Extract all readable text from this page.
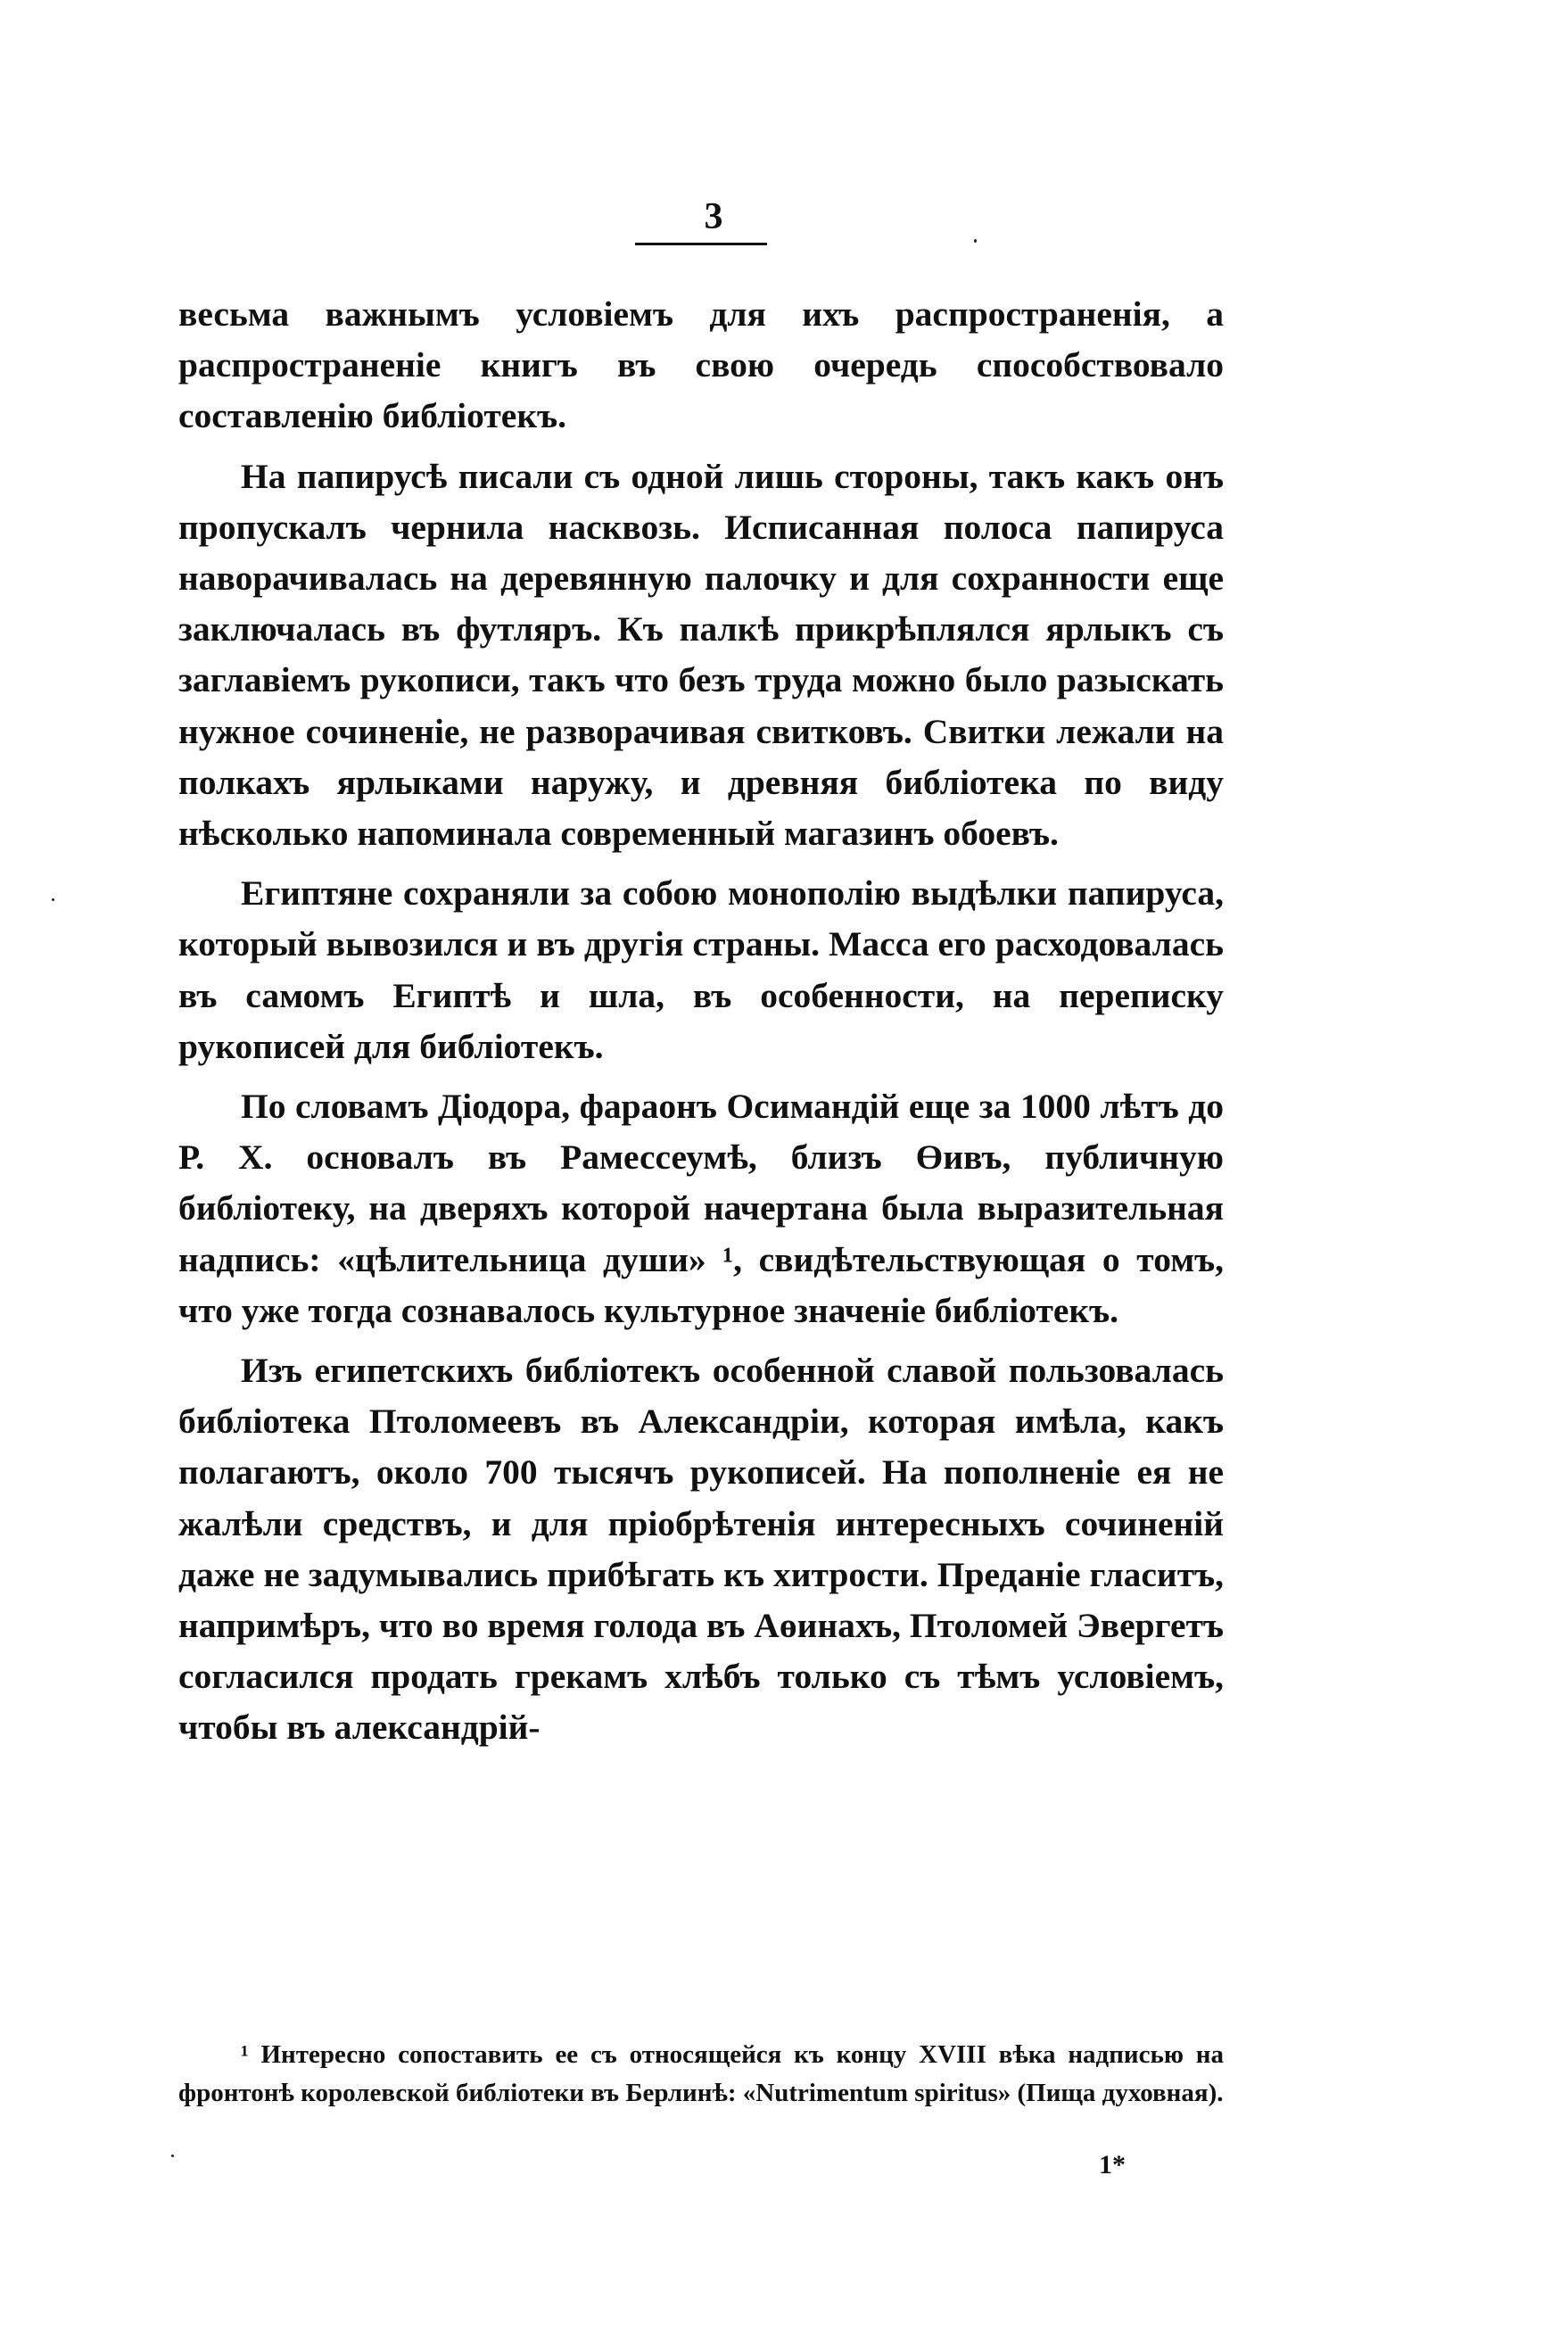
3

весьма важнымъ условіемъ для ихъ распространенія, а распространеніе книгъ въ свою очередь способствовало составленію библіотекъ.

На папирусѣ писали съ одной лишь стороны, такъ какъ онъ пропускалъ чернила насквозь. Исписанная полоса папируса наворачивалась на деревянную палочку и для сохранности еще заключалась въ футляръ. Къ палкѣ прикрѣплялся ярлыкъ съ заглавіемъ рукописи, такъ что безъ труда можно было разыскать нужное сочиненіе, не разворачивая свитковъ. Свитки лежали на полкахъ ярлыками наружу, и древняя библіотека по виду нѣсколько напоминала современный магазинъ обоевъ.

Египтяне сохраняли за собою монополію выдѣлки папируса, который вывозился и въ другія страны. Масса его расходовалась въ самомъ Египтѣ и шла, въ особенности, на переписку рукописей для библіотекъ.

По словамъ Діодора, фараонъ Осимандій еще за 1000 лѣтъ до Р. Х. основалъ въ Рамессеумѣ, близъ Өивъ, публичную библіотеку, на дверяхъ которой начертана была выразительная надпись: «цѣлительница души» ¹, свидѣтельствующая о томъ, что уже тогда сознавалось культурное значеніе библіотекъ.

Изъ египетскихъ библіотекъ особенной славой пользовалась библіотека Птоломеевъ въ Александріи, которая имѣла, какъ полагаютъ, около 700 тысячъ рукописей. На пополненіе ея не жалѣли средствъ, и для пріобрѣтенія интересныхъ сочиненій даже не задумывались прибѣгать къ хитрости. Преданіе гласитъ, напримѣръ, что во время голода въ Аөинахъ, Птоломей Эвергетъ согласился продать грекамъ хлѣбъ только съ тѣмъ условіемъ, чтобы въ александрій-

¹ Интересно сопоставить ее съ относящейся къ концу XVIII вѣка надписью на фронтонѣ королевской библіотеки въ Берлинѣ: «Nutrimentum spiritus» (Пища духовная).
1*
